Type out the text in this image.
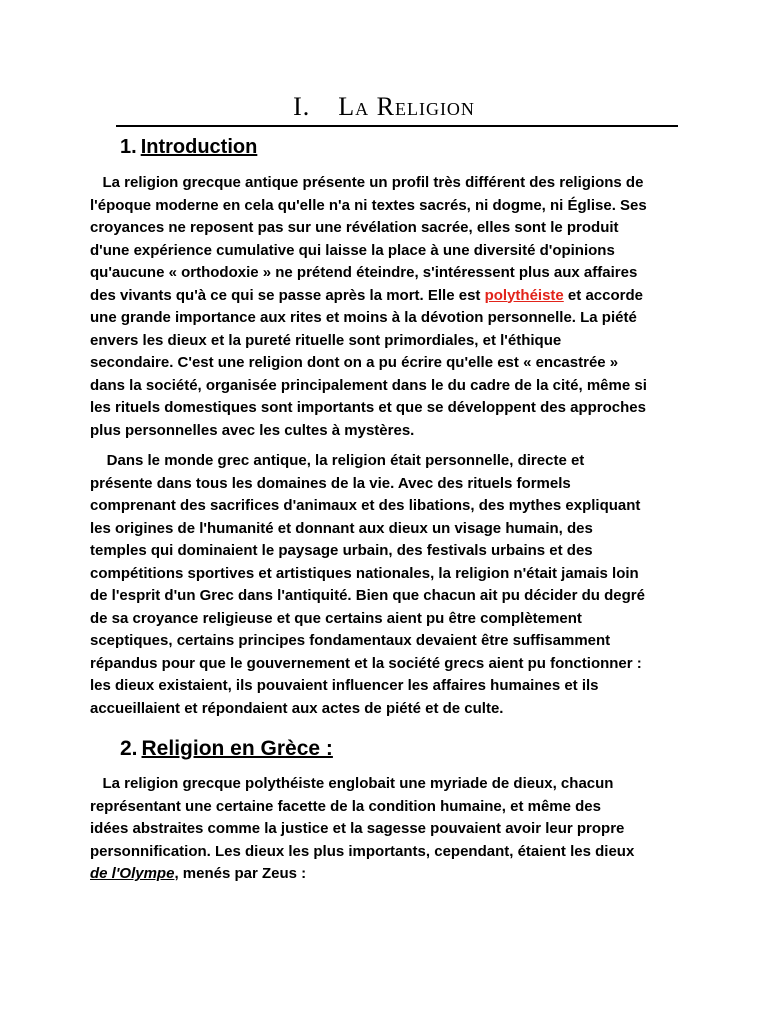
I. La Religion
1. Introduction
La religion grecque antique présente un profil très différent des religions de
l'époque moderne en cela qu'elle n'a ni textes sacrés, ni dogme, ni Église. Ses
croyances ne reposent pas sur une révélation sacrée, elles sont le produit
d'une expérience cumulative qui laisse la place à une diversité d'opinions
qu'aucune « orthodoxie » ne prétend éteindre, s'intéressent plus aux affaires
des vivants qu'à ce qui se passe après la mort. Elle est polythéiste et accorde
une grande importance aux rites et moins à la dévotion personnelle. La piété
envers les dieux et la pureté rituelle sont primordiales, et l'éthique
secondaire. C'est une religion dont on a pu écrire qu'elle est « encastrée »
dans la société, organisée principalement dans le du cadre de la cité, même si
les rituels domestiques sont importants et que se développent des approches
plus personnelles avec les cultes à mystères.
Dans le monde grec antique, la religion était personnelle, directe et
présente dans tous les domaines de la vie. Avec des rituels formels
comprenant des sacrifices d'animaux et des libations, des mythes expliquant
les origines de l'humanité et donnant aux dieux un visage humain, des
temples qui dominaient le paysage urbain, des festivals urbains et des
compétitions sportives et artistiques nationales, la religion n'était jamais loin
de l'esprit d'un Grec dans l'antiquité. Bien que chacun ait pu décider du degré
de sa croyance religieuse et que certains aient pu être complètement
sceptiques, certains principes fondamentaux devaient être suffisamment
répandus pour que le gouvernement et la société grecs aient pu fonctionner :
les dieux existaient, ils pouvaient influencer les affaires humaines et ils
accueillaient et répondaient aux actes de piété et de culte.
2. Religion en Grèce :
La religion grecque polythéiste englobait une myriade de dieux, chacun
représentant une certaine facette de la condition humaine, et même des
idées abstraites comme la justice et la sagesse pouvaient avoir leur propre
personnification. Les dieux les plus importants, cependant, étaient les dieux
de l'Olympe, menés par Zeus :
